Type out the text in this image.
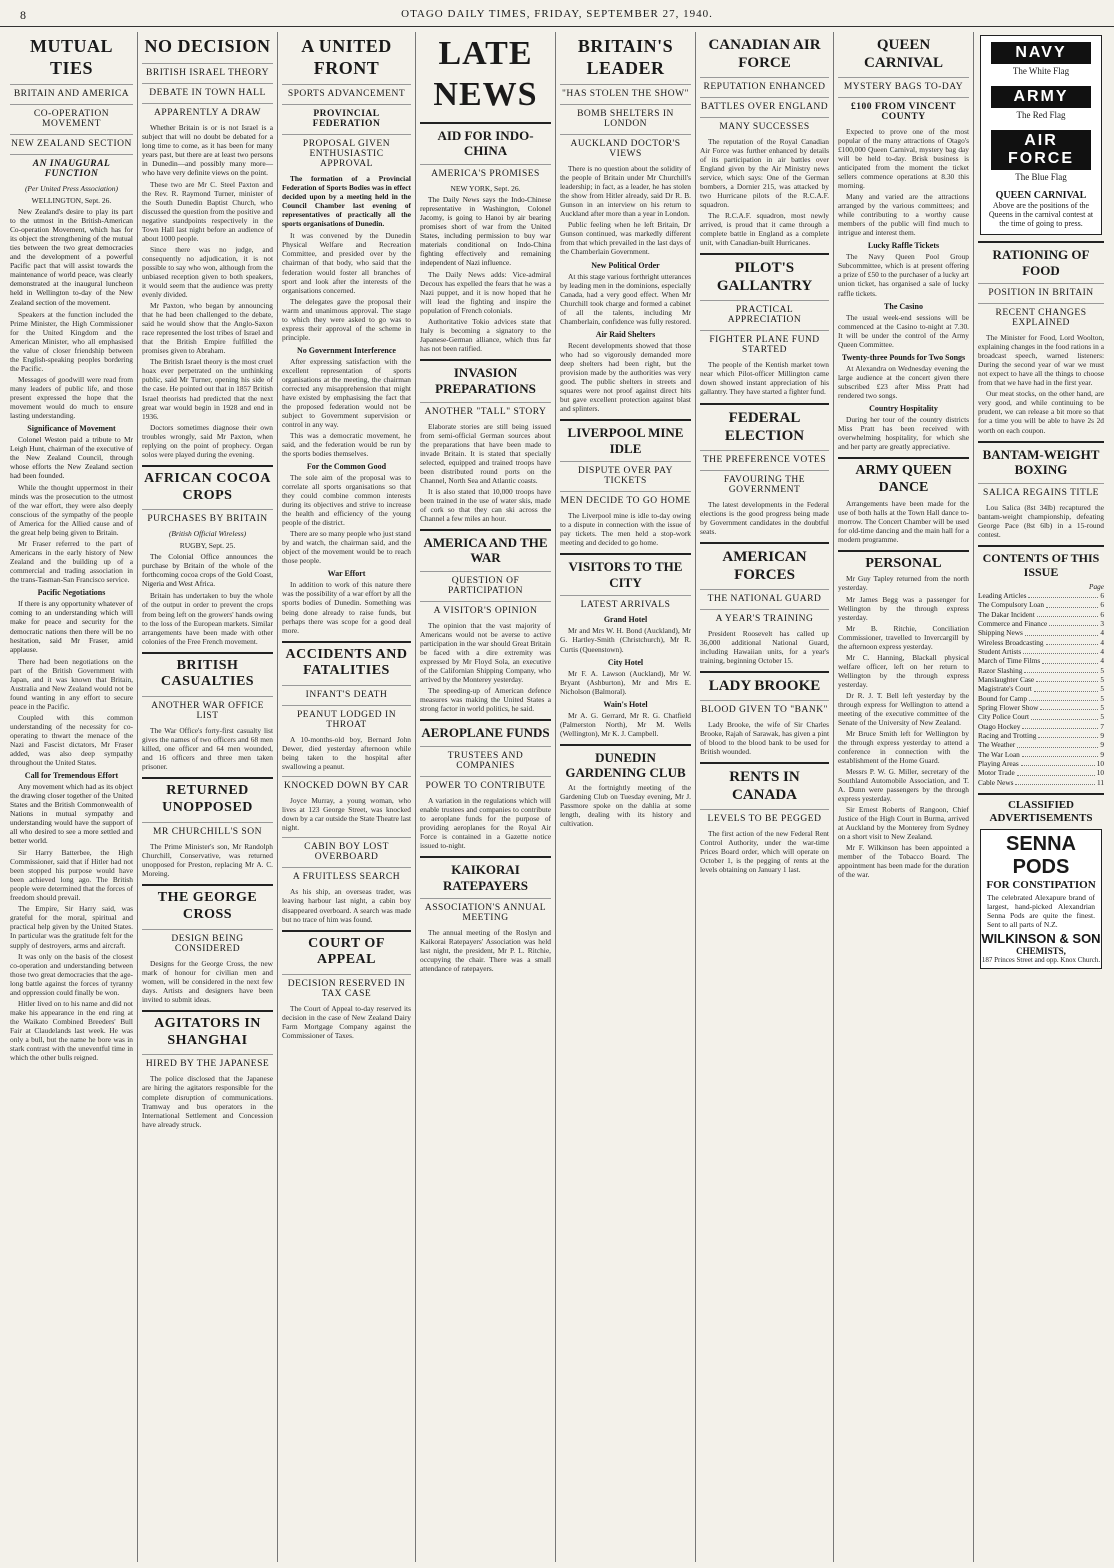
8	OTAGO DAILY TIMES, FRIDAY, SEPTEMBER 27, 1940.
MUTUAL TIES
BRITAIN AND AMERICA
CO-OPERATION MOVEMENT
NEW ZEALAND SECTION
AN INAUGURAL FUNCTION
(Per United Press Association)
WELLINGTON, Sept. 26.

New Zealand's desire to play its part to the utmost in the British-American Co-operation Movement, which has for its object the strengthening of the mutual ties between the two great democracies and the development of a powerful Pacific pact that will assist towards the maintenance of world peace, was clearly demonstrated at the inaugural luncheon held in Wellington to-day of the New Zealand section of the movement.

Speakers at the function included the Prime Minister, the High Commissioner for the United Kingdom and the American Minister, who all emphasised the value of closer friendship between the English-speaking peoples bordering the Pacific.

Messages of goodwill were read from many leaders of public life, and those present expressed the hope that the movement would do much to ensure lasting understanding.

Significance of Movement

Colonel Weston paid a tribute to Mr Leigh Hunt, chairman of the executive of the New Zealand Council, through whose efforts the New Zealand section had been founded.

While the thought uppermost in their minds was the prosecution to the utmost of the war effort, they were also deeply conscious of the sympathy of the people of America for the Allied cause and of the great help being given to Britain.

Mr Fraser referred to the part of Americans in the early history of New Zealand and the building up of a commercial and trading association in the trans-Tasman-San Francisco service.

Pacific Negotiations

If there is any opportunity whatever of coming to an understanding which will make for peace and security for the democratic nations then there will be no hesitation, said Mr Fraser, amid applause.

There had been negotiations on the part of the British Government with Japan, and it was known that Britain, Australia and New Zealand would not be found wanting in any effort to secure peace in the Pacific.

Coupled with this common understanding of the necessity for co-operating to thwart the menace of the Nazi and Fascist dictators, Mr Fraser added, was also deep sympathy throughout the United States.

Call for Tremendous Effort

Any movement which had as its object the drawing closer together of the United States and the British Commonwealth of Nations in mutual sympathy and understanding would have the support of all who desired to see a more settled and better world.

Sir Harry Batterbee, the High Commissioner, said that if Hitler had not been stopped his purpose would have been achieved long ago. The British people were determined that the forces of freedom should prevail.

The Empire, Sir Harry said, was grateful for the moral, spiritual and practical help given by the United States. In particular was the gratitude felt for the supply of destroyers, arms and aircraft.

It was only on the basis of the closest co-operation and understanding between those two great democracies that the age-long battle against the forces of tyranny and oppression could finally be won.

Hitler lived on to his name and did not make his appearance in the end ring at the Waikato Combined Breeders' Bull Fair at Claudelands last week. He was only a bull, but the name he bore was in stark contrast with the uneventful time in which the other bulls reigned.

NO DECISION
BRITISH ISRAEL THEORY
DEBATE IN TOWN HALL
APPARENTLY A DRAW

Whether Britain is or is not Israel is a subject that will no doubt be debated for a long time to come, as it has been for many years past, but there are at least two persons in Dunedin—and possibly many more—who have very definite views on the point.

These two are Mr C. Steel Paxton and the Rev. R. Raymond Turner, minister of the South Dunedin Baptist Church, who discussed the question from the positive and negative standpoints respectively in the Town Hall last night before an audience of about 1000 people.

Since there was no judge, and consequently no adjudication, it is not possible to say who won, although from the unbiased reception given to both speakers, it would seem that the audience was pretty evenly divided.

Mr Paxton, who began by announcing that he had been challenged to the debate, said he would show that the Anglo-Saxon race represented the lost tribes of Israel and that the British Empire fulfilled the promises given to Abraham.

The British Israel theory is the most cruel hoax ever perpetrated on the unthinking public, said Mr Turner, opening his side of the case. He pointed out that in 1857 British Israel theorists had predicted that the next great war would begin in 1928 and end in 1936.

Doctors sometimes diagnose their own troubles wrongly, said Mr Paxton, when replying on the point of prophecy. Organ solos were played during the evening.

AFRICAN COCOA CROPS
PURCHASES BY BRITAIN
(British Official Wireless)
RUGBY, Sept. 25.

The Colonial Office announces the purchase by Britain of the whole of the forthcoming cocoa crops of the Gold Coast, Nigeria and West Africa.

Britain has undertaken to buy the whole of the output in order to prevent the crops from being left on the growers' hands owing to the loss of the European markets. Similar arrangements have been made with other colonies of the Free French movement.

BRITISH CASUALTIES
ANOTHER WAR OFFICE LIST

The War Office's forty-first casualty list gives the names of two officers and 68 men killed, one officer and 64 men wounded, and 16 officers and three men taken prisoner.

RETURNED UNOPPOSED
MR CHURCHILL'S SON

The Prime Minister's son, Mr Randolph Churchill, Conservative, was returned unopposed for Preston, replacing Mr A. C. Moreing.

THE GEORGE CROSS
DESIGN BEING CONSIDERED

Designs for the George Cross, the new mark of honour for civilian men and women, will be considered in the next few days. Artists and designers have been invited to submit ideas.

AGITATORS IN SHANGHAI
HIRED BY THE JAPANESE

The police disclosed that the Japanese are hiring the agitators responsible for the complete disruption of communications. Tramway and bus operators in the International Settlement and Concession have already struck.

A UNITED FRONT
SPORTS ADVANCEMENT
PROVINCIAL FEDERATION
PROPOSAL GIVEN ENTHUSIASTIC APPROVAL

The formation of a Provincial Federation of Sports Bodies was in effect decided upon by a meeting held in the Council Chamber last evening of representatives of practically all the sports organisations of Dunedin.

It was convened by the Dunedin Physical Welfare and Recreation Committee, and presided over by the chairman of that body, who said that the federation would foster all branches of sport and look after the interests of the organisations concerned.

The delegates gave the proposal their warm and unanimous approval. The stage to which they were asked to go was to express their approval of the scheme in principle.

No Government Interference

After expressing satisfaction with the excellent representation of sports organisations at the meeting, the chairman corrected any misapprehension that might have existed by emphasising the fact that the proposed federation would not be subject to Government supervision or control in any way.

This was a democratic movement, he said, and the federation would be run by the sports bodies themselves.

For the Common Good

The sole aim of the proposal was to correlate all sports organisations so that they could combine common interests during its objectives and strive to increase the health and efficiency of the young people of the district.

There are so many people who just stand by and watch, the chairman said, and the object of the movement would be to reach those people.

War Effort

In addition to work of this nature there was the possibility of a war effort by all the sports bodies of Dunedin. Something was being done already to raise funds, but perhaps there was scope for a good deal more.

ACCIDENTS AND FATALITIES
INFANT'S DEATH
PEANUT LODGED IN THROAT

A 10-months-old boy, Bernard John Dewer, died yesterday afternoon while being taken to the hospital after swallowing a peanut.

KNOCKED DOWN BY CAR

Joyce Murray, a young woman, who lives at 123 George Street, was knocked down by a car outside the State Theatre last night.

CABIN BOY LOST OVERBOARD
A FRUITLESS SEARCH

As his ship, an overseas trader, was leaving harbour last night, a cabin boy disappeared overboard. A search was made but no trace of him was found.

COURT OF APPEAL
DECISION RESERVED IN TAX CASE

The Court of Appeal to-day reserved its decision in the case of New Zealand Dairy Farm Mortgage Company against the Commissioner of Taxes.

LATE NEWS
AID FOR INDO-CHINA
AMERICA'S PROMISES
NEW YORK, Sept. 26.

The Daily News says the Indo-Chinese representative in Washington, Colonel Jacomy, is going to Hanoi by air bearing promises short of war from the United States, including permission to buy war materials conditional on Indo-China fighting effectively and remaining independent of Nazi influence.

The Daily News adds: Vice-admiral Decoux has expelled the fears that he was a Nazi puppet, and it is now hoped that he will lead the fighting and inspire the population of French colonials.

Authoritative Tokio advices state that Italy is becoming a signatory to the Japanese-German alliance, which thus far has not been ratified.

INVASION PREPARATIONS
ANOTHER "TALL" STORY

Elaborate stories are still being issued from semi-official German sources about the preparations that have been made to invade Britain. It is stated that specially selected, equipped and trained troops have been distributed round ports on the Channel, North Sea and Atlantic coasts.

It is also stated that 10,000 troops have been trained in the use of water skis, made of cork so that they can ski across the Channel a few miles an hour.

AMERICA AND THE WAR
QUESTION OF PARTICIPATION
A VISITOR'S OPINION

The opinion that the vast majority of Americans would not be averse to active participation in the war should Great Britain be faced with a dire extremity was expressed by Mr Floyd Sola, an executive of the Californian Shipping Company, who arrived by the Monterey yesterday.

The speeding-up of American defence measures was making the United States a strong factor in world politics, he said.

AEROPLANE FUNDS
TRUSTEES AND COMPANIES
POWER TO CONTRIBUTE

A variation in the regulations which will enable trustees and companies to contribute to aeroplane funds for the purpose of providing aeroplanes for the Royal Air Force is contained in a Gazette notice issued to-night.

KAIKORAI RATEPAYERS
ASSOCIATION'S ANNUAL MEETING

The annual meeting of the Roslyn and Kaikorai Ratepayers' Association was held last night, the president, Mr P. L. Ritchie, occupying the chair. There was a small attendance of ratepayers.

BRITAIN'S LEADER
"HAS STOLEN THE SHOW"
BOMB SHELTERS IN LONDON
AUCKLAND DOCTOR'S VIEWS

There is no question about the solidity of the people of Britain under Mr Churchill's leadership; in fact, as a leader, he has stolen the show from Hitler already, said Dr R. B. Gunson in an interview on his return to Auckland after more than a year in London.

Public feeling when he left Britain, Dr Gunson continued, was markedly different from that which prevailed in the last days of the Chamberlain Government.

New Political Order

At this stage various forthright utterances by leading men in the dominions, especially Canada, had a very good effect. When Mr Churchill took charge and formed a cabinet of all the talents, including Mr Chamberlain, confidence was fully restored.

Air Raid Shelters

Recent developments showed that those who had so vigorously demanded more deep shelters had been right, but the provision made by the authorities was very good. The public shelters in streets and squares were not proof against direct hits but gave excellent protection against blast and splinters.

LIVERPOOL MINE IDLE
DISPUTE OVER PAY TICKETS
MEN DECIDE TO GO HOME

The Liverpool mine is idle to-day owing to a dispute in connection with the issue of pay tickets. The men held a stop-work meeting and decided to go home.

VISITORS TO THE CITY
LATEST ARRIVALS
Grand Hotel

Mr and Mrs W. H. Bond (Auckland), Mr G. Hartley-Smith (Christchurch), Mr R. Curtis (Queenstown).

City Hotel

Mr F. A. Lawson (Auckland), Mr W. Bryant (Ashburton), Mr and Mrs E. Nicholson (Balmoral).

Wain's Hotel

Mr A. G. Gerrard, Mr R. G. Chatfield (Palmerston North), Mr M. Wells (Wellington), Mr K. J. Campbell.

DUNEDIN GARDENING CLUB

At the fortnightly meeting of the Gardening Club on Tuesday evening, Mr J. Passmore spoke on the dahlia at some length, dealing with its history and cultivation.

CANADIAN AIR FORCE
REPUTATION ENHANCED
BATTLES OVER ENGLAND
MANY SUCCESSES

The reputation of the Royal Canadian Air Force was further enhanced by details of its participation in air battles over England given by the Air Ministry news service, which says: One of the German bombers, a Dornier 215, was attacked by two Hurricane pilots of the R.C.A.F. squadron.

The R.C.A.F. squadron, most newly arrived, is proud that it came through a complete battle in England as a complete unit, with Canadian-built Hurricanes.

PILOT'S GALLANTRY
PRACTICAL APPRECIATION
FIGHTER PLANE FUND STARTED

The people of the Kentish market town near which Pilot-officer Millington came down showed instant appreciation of his gallantry. They have started a fighter fund.

FEDERAL ELECTION
THE PREFERENCE VOTES
FAVOURING THE GOVERNMENT

The latest developments in the Federal elections is the good progress being made by Government candidates in the doubtful seats.

AMERICAN FORCES
THE NATIONAL GUARD
A YEAR'S TRAINING

President Roosevelt has called up 36,000 additional National Guard, including Hawaiian units, for a year's training, beginning October 15.

LADY BROOKE
BLOOD GIVEN TO "BANK"

Lady Brooke, the wife of Sir Charles Brooke, Rajah of Sarawak, has given a pint of blood to the blood bank to be used for British wounded.

RENTS IN CANADA
LEVELS TO BE PEGGED

The first action of the new Federal Rent Control Authority, under the war-time Prices Board order, which will operate on October 1, is the pegging of rents at the levels obtaining on January 1 last.

QUEEN CARNIVAL
MYSTERY BAGS TO-DAY
£100 FROM VINCENT COUNTY

Expected to prove one of the most popular of the many attractions of Otago's £100,000 Queen Carnival, mystery bag day will be held to-day. Brisk business is anticipated from the moment the ticket sellers commence operations at 8.30 this morning.

Many and varied are the attractions arranged by the various committees; and while contributing to a worthy cause members of the public will find much to intrigue and interest them.

Lucky Raffle Tickets

The Navy Queen Pool Group Subcommittee, which is at present offering a prize of £50 to the purchaser of a lucky art union ticket, has organised a sale of lucky raffle tickets.

The Casino

The usual week-end sessions will be commenced at the Casino to-night at 7.30. It will be under the control of the Army Queen Committee.

Twenty-three Pounds for Two Songs

At Alexandra on Wednesday evening the large audience at the concert given there subscribed £23 after Miss Pratt had rendered two songs.

Country Hospitality

During her tour of the country districts Miss Pratt has been received with overwhelming hospitality, for which she and her party are greatly appreciative.

ARMY QUEEN DANCE

Arrangements have been made for the use of both halls at the Town Hall dance to-morrow. The Concert Chamber will be used for old-time dancing and the main hall for a modern programme.

PERSONAL

Mr Guy Tapley returned from the north yesterday.

Mr James Begg was a passenger for Wellington by the through express yesterday.

Mr B. Ritchie, Conciliation Commissioner, travelled to Invercargill by the afternoon express yesterday.

Mr C. Hanning, Blackall physical welfare officer, left on her return to Wellington by the through express yesterday.

Dr R. J. T. Bell left yesterday by the through express for Wellington to attend a meeting of the executive committee of the Senate of the University of New Zealand.

Mr Bruce Smith left for Wellington by the through express yesterday to attend a conference in connection with the establishment of the Home Guard.

Messrs P. W. G. Miller, secretary of the Southland Automobile Association, and T. A. Dunn were passengers by the through express yesterday.

Sir Ernest Roberts of Rangoon, Chief Justice of the High Court in Burma, arrived at Auckland by the Monterey from Sydney on a short visit to New Zealand.

Mr F. Wilkinson has been appointed a member of the Tobacco Board. The appointment has been made for the duration of the war.

NAVY
The White Flag
ARMY
The Red Flag
AIR FORCE
The Blue Flag
QUEEN CARNIVAL
Above are the positions of the Queens in the carnival contest at the time of going to press.
RATIONING OF FOOD
POSITION IN BRITAIN
RECENT CHANGES EXPLAINED

The Minister for Food, Lord Woolton, explaining changes in the food rations in a broadcast speech, warned listeners: During the second year of war we must not expect to have all the things to choose from that we have had in the first year.

Our meat stocks, on the other hand, are very good, and while continuing to be prudent, we can release a bit more so that for a time you will be able to have 2s 2d worth on each coupon.

BANTAM-WEIGHT BOXING
SALICA REGAINS TITLE

Lou Salica (8st 34lb) recaptured the bantam-weight championship, defeating George Pace (8st 6lb) in a 15-round contest.

CONTENTS OF THIS ISSUE
Page
Leading Articles	6
The Compulsory Loan	6
The Dakar Incident	6
Commerce and Finance	3
Shipping News	4
Wireless Broadcasting	4
Student Artists	4
March of Time Films	4
Razor Slashing	5
Manslaughter Case	5
Magistrate's Court	5
Bound for Camp	5
Spring Flower Show	5
City Police Court	5
Otago Hockey	7
Racing and Trotting	9
The Weather	9
The War Loan	9
Playing Areas	10
Motor Trade	10
Cable News	11
CLASSIFIED ADVERTISEMENTS
SENNA PODS
FOR CONSTIPATION
The celebrated Alexapure brand of largest, hand-picked Alexandrian Senna Pods are quite the finest. Sent to all parts of N.Z.
WILKINSON & SON
CHEMISTS,
187 Princes Street and opp. Knox Church.
